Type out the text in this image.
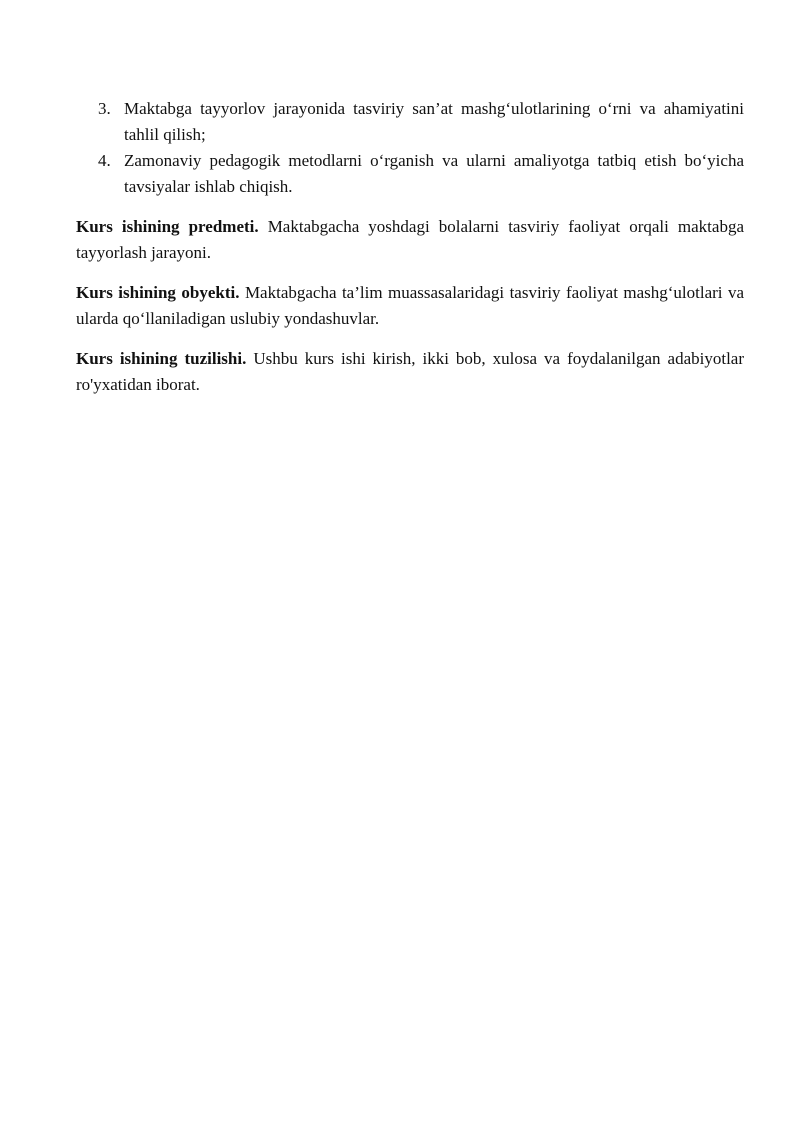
3. Maktabga tayyorlov jarayonida tasviriy san’at mashg‘ulotlarining o‘rni va ahamiyatini tahlil qilish;
4. Zamonaviy pedagogik metodlarni o‘rganish va ularni amaliyotga tatbiq etish bo‘yicha tavsiyalar ishlab chiqish.

Kurs ishining predmeti. Maktabgacha yoshdagi bolalarni tasviriy faoliyat orqali maktabga tayyorlash jarayoni.

Kurs ishining obyekti. Maktabgacha ta’lim muassasalaridagi tasviriy faoliyat mashg‘ulotlari va ularda qo‘llaniladigan uslubiy yondashuvlar.

Kurs ishining tuzilishi. Ushbu kurs ishi kirish, ikki bob, xulosa va foydalanilgan adabiyotlar ro'yxatidan iborat.
